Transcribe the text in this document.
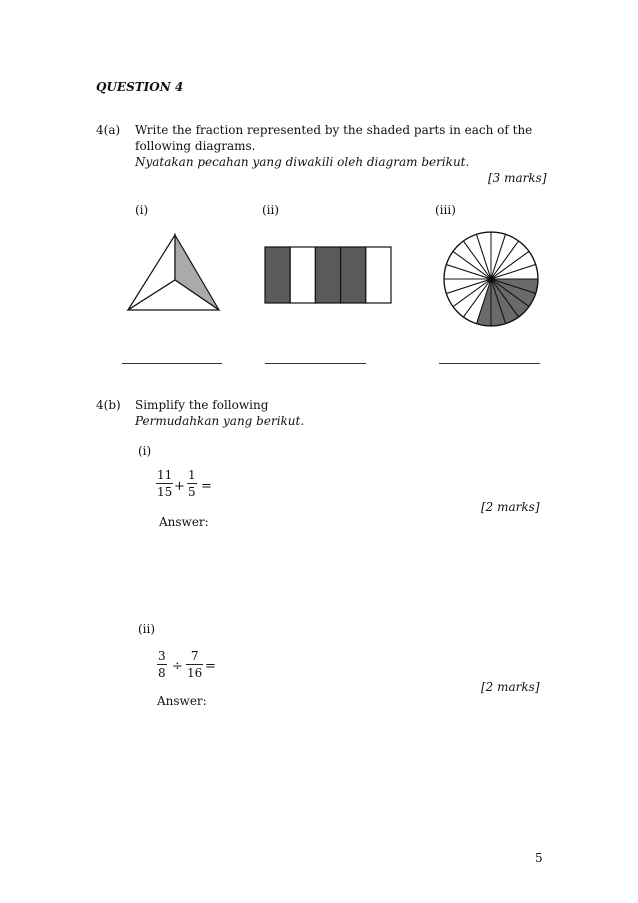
QUESTION 4
4(a) Write the fraction represented by the shaded parts in each of the
following diagrams.
Nyatakan pecahan yang diwakili oleh diagram berikut.
[3 marks]
(i)	(ii)	(iii)
4(b) Simplify the following
Permudahkan yang berikut.
(i)
11
15 +
1
5 =
[2 marks]
Answer:
(ii)
3
8 ÷
7
16 =
[2 marks]
Answer:
5
